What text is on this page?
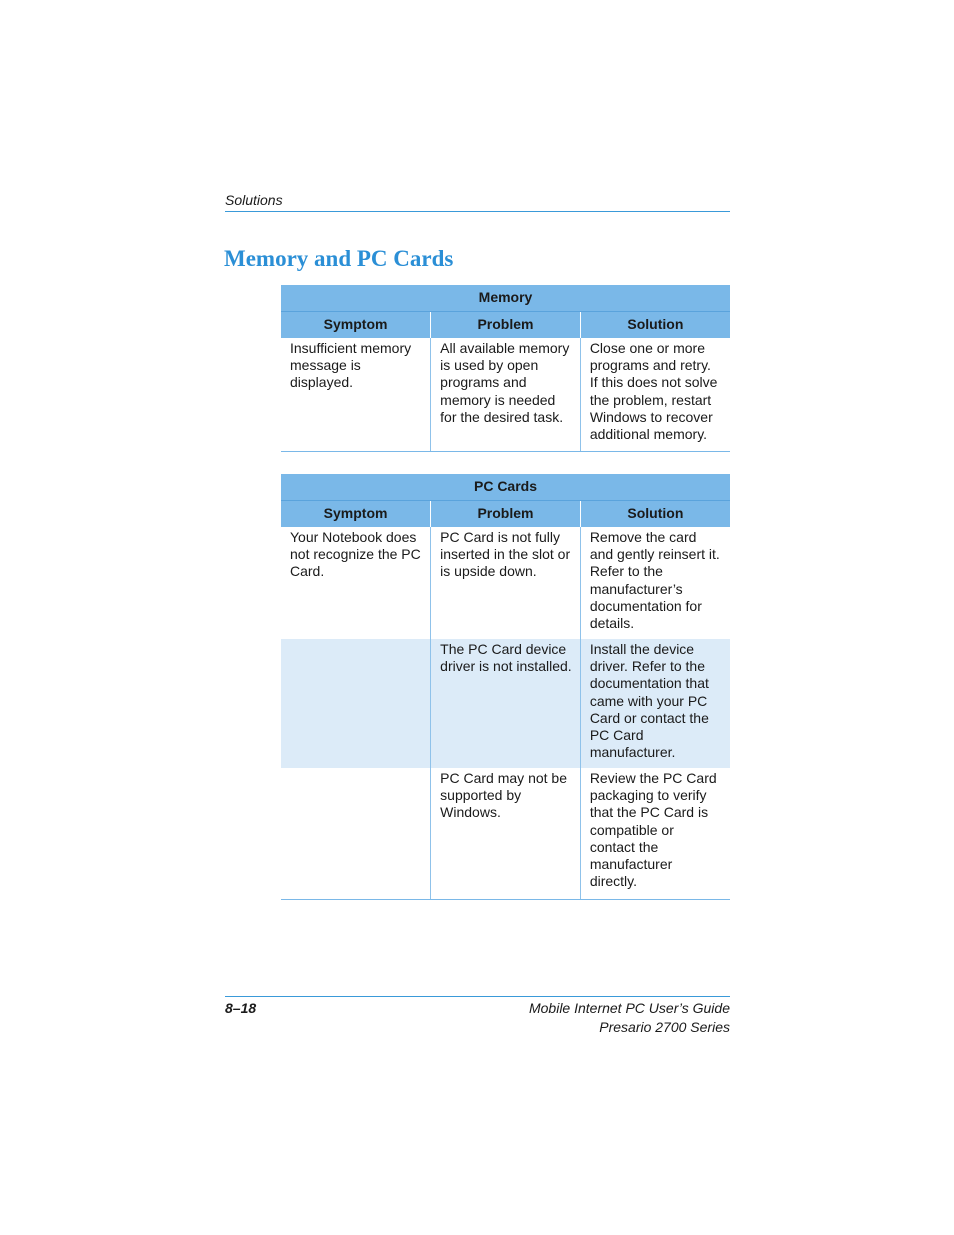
Solutions
Memory and PC Cards
Memory		
Symptom	Problem	Solution
Insufficient memory message is displayed.	All available memory is used by open programs and memory is needed for the desired task.	Close one or more programs and retry. If this does not solve the problem, restart Windows to recover additional memory.
PC Cards		
Symptom	Problem	Solution
Your Notebook does not recognize the PC Card.	PC Card is not fully inserted in the slot or is upside down.	Remove the card and gently reinsert it. Refer to the manufacturer’s documentation for details.
	The PC Card device driver is not installed.	Install the device driver. Refer to the documentation that came with your PC Card or contact the PC Card manufacturer.
	PC Card may not be supported by Windows.	Review the PC Card packaging to verify that the PC Card is compatible or contact the manufacturer directly.
8–18	Mobile Internet PC User’s Guide
Presario 2700 Series
